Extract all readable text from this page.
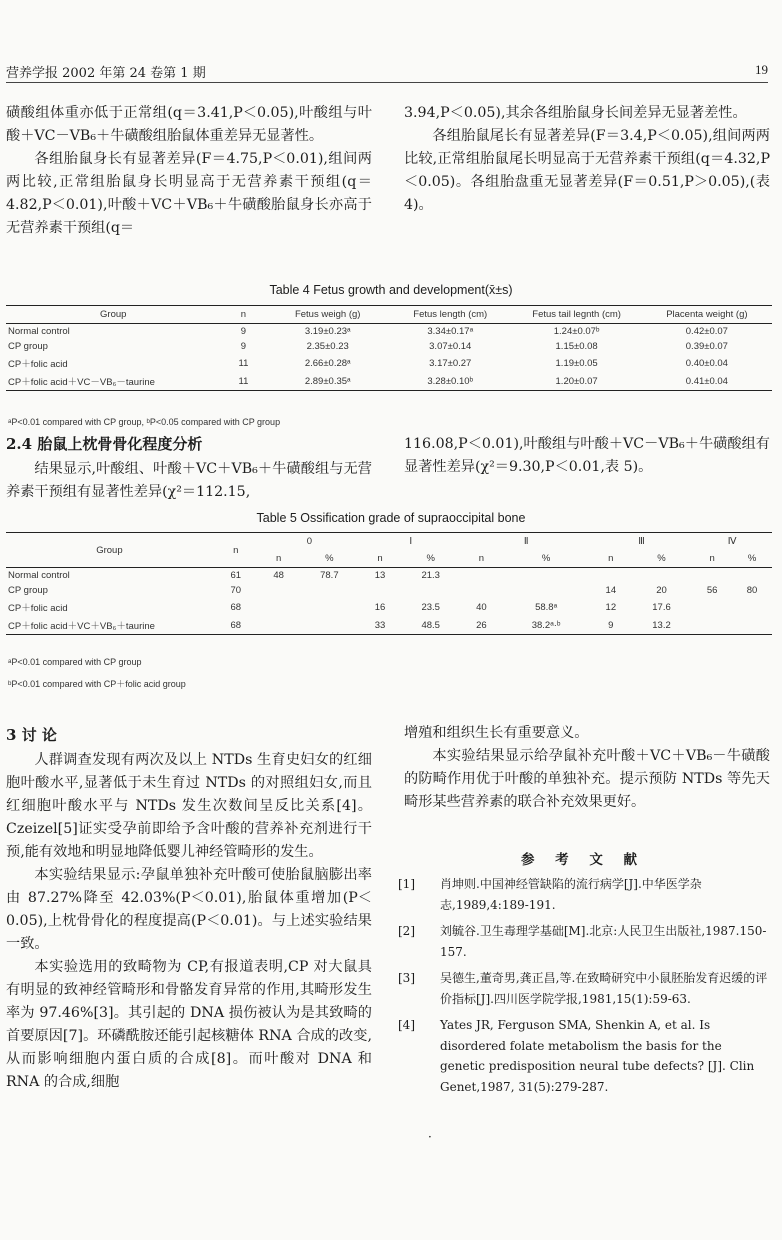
营养学报 2002 年第 24 卷第 1 期	19

磺酸组体重亦低于正常组(q＝3.41,P＜0.05),叶酸组与叶酸＋VC－VB₆＋牛磺酸组胎鼠体重差异无显著性。

各组胎鼠身长有显著差异(F＝4.75,P＜0.01),组间两两比较,正常组胎鼠身长明显高于无营养素干预组(q＝4.82,P＜0.01),叶酸＋VC＋VB₆＋牛磺酸胎鼠身长亦高于无营养素干预组(q＝

3.94,P＜0.05),其余各组胎鼠身长间差异无显著差性。

各组胎鼠尾长有显著差异(F＝3.4,P＜0.05),组间两两比较,正常组胎鼠尾长明显高于无营养素干预组(q＝4.32,P＜0.05)。各组胎盘重无显著差异(F＝0.51,P＞0.05),(表 4)。

Table 4 Fetus growth and development(x̄±s)
Group	n	Fetus weigh (g)	Fetus length (cm)	Fetus tail legnth (cm)	Placenta weight (g)
Normal control	9	3.19±0.23ᵃ	3.34±0.17ᵃ	1.24±0.07ᵇ	0.42±0.07
CP group	9	2.35±0.23	3.07±0.14	1.15±0.08	0.39±0.07
CP＋folic acid	11	2.66±0.28ᵃ	3.17±0.27	1.19±0.05	0.40±0.04
CP＋folic acid＋VC－VB₆－taurine	11	2.89±0.35ᵃ	3.28±0.10ᵇ	1.20±0.07	0.41±0.04
ᵃP<0.01 compared with CP group, ᵇP<0.05 compared with CP group
2.4 胎鼠上枕骨骨化程度分析

结果显示,叶酸组、叶酸＋VC＋VB₆＋牛磺酸组与无营养素干预组有显著性差异(χ²＝112.15,

116.08,P＜0.01),叶酸组与叶酸＋VC－VB₆＋牛磺酸组有显著性差异(χ²＝9.30,P＜0.01,表 5)。

Table 5 Ossification grade of supraoccipital bone
Group	n	0		Ⅰ		Ⅱ		Ⅲ		Ⅳ	
		n	%	n	%	n	%	n	%	n	%
Normal control	61	48	78.7	13	21.3						
CP group	70							14	20	56	80
CP＋folic acid	68			16	23.5	40	58.8ᵃ	12	17.6		
CP＋folic acid＋VC＋VB₆＋taurine	68			33	48.5	26	38.2ᵃ·ᵇ	9	13.2		
ᵃP<0.01 compared with CP group
ᵇP<0.01 compared with CP＋folic acid group
3 讨 论

人群调查发现有两次及以上 NTDs 生育史妇女的红细胞叶酸水平,显著低于未生育过 NTDs 的对照组妇女,而且红细胞叶酸水平与 NTDs 发生次数间呈反比关系[4]。Czeizel[5]证实受孕前即给予含叶酸的营养补充剂进行干预,能有效地和明显地降低婴儿神经管畸形的发生。

本实验结果显示:孕鼠单独补充叶酸可使胎鼠脑膨出率由 87.27%降至 42.03%(P＜0.01),胎鼠体重增加(P＜0.05),上枕骨骨化的程度提高(P＜0.01)。与上述实验结果一致。

本实验选用的致畸物为 CP,有报道表明,CP 对大鼠具有明显的致神经管畸形和骨骼发育异常的作用,其畸形发生率为 97.46%[3]。其引起的 DNA 损伤被认为是其致畸的首要原因[7]。环磷酰胺还能引起核糖体 RNA 合成的改变,从而影响细胞内蛋白质的合成[8]。而叶酸对 DNA 和 RNA 的合成,细胞

增殖和组织生长有重要意义。

本实验结果显示给孕鼠补充叶酸＋VC＋VB₆－牛磺酸的防畸作用优于叶酸的单独补充。提示预防 NTDs 等先天畸形某些营养素的联合补充效果更好。

参 考 文 献
[1] 肖坤则.中国神经管缺陷的流行病学[J].中华医学杂志,1989,4:189-191.
[2] 刘毓谷.卫生毒理学基础[M].北京:人民卫生出版社,1987.150-157.
[3] 吴德生,董奇男,龚正昌,等.在致畸研究中小鼠胚胎发育迟缓的评价指标[J].四川医学院学报,1981,15(1):59-63.
[4] Yates JR, Ferguson SMA, Shenkin A, et al. Is disordered folate metabolism the basis for the genetic predisposition neural tube defects? [J]. Clin Genet,1987, 31(5):279-287.
·
